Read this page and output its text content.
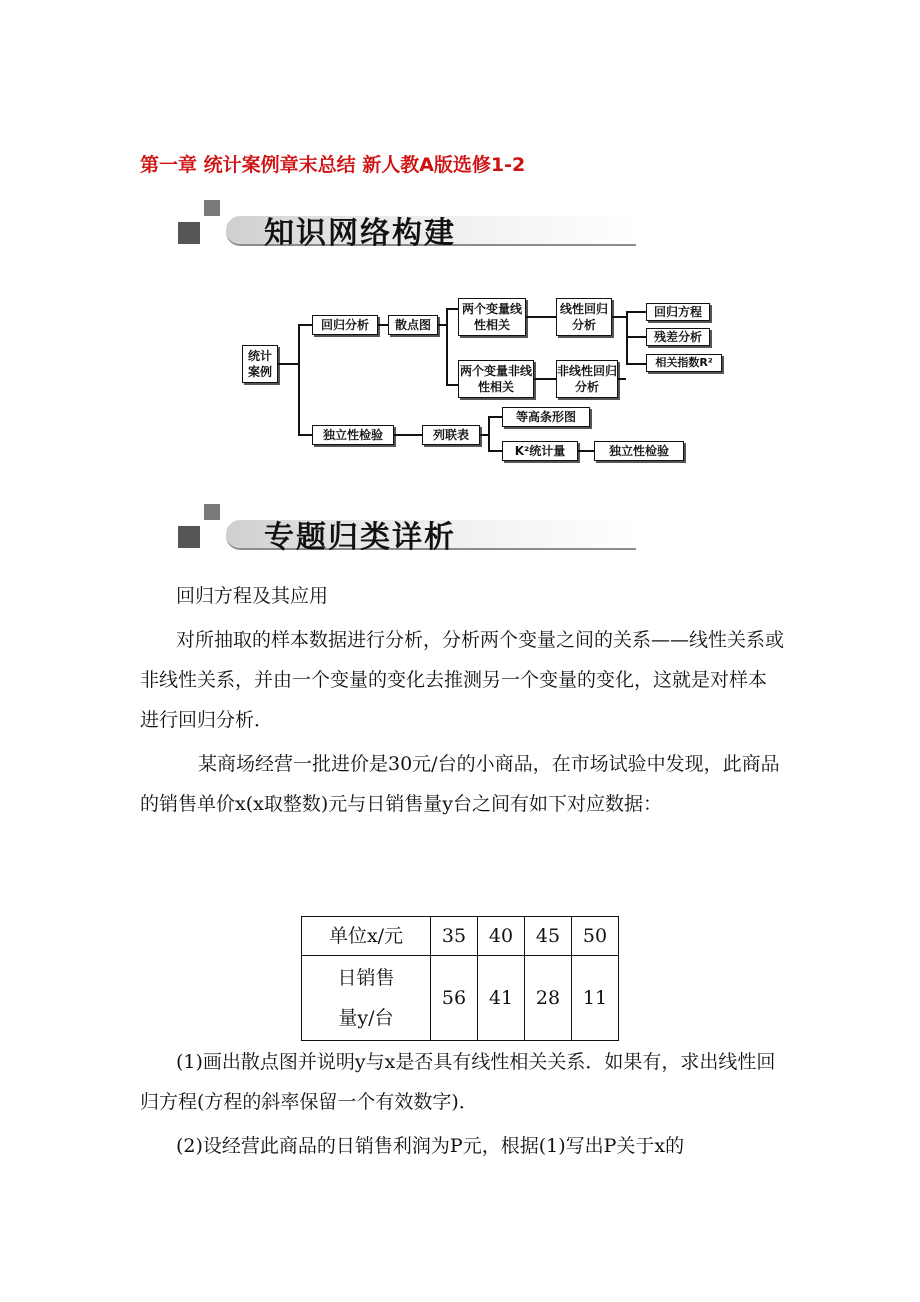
第一章 统计案例章末总结 新人教A版选修1-2
知识网络构建
统计案例
回归分析	散点图
两个变量线性相关
两个变量非线性相关
线性回归分析
非线性回归分析
回归方程
残差分析
相关指数R²
独立性检验	列联表
等高条形图
K²统计量	独立性检验
专题归类详析
回归方程及其应用
对所抽取的样本数据进行分析，分析两个变量之间的关系——线性关系或非线性关系，并由一个变量的变化去推测另一个变量的变化，这就是对样本进行回归分析．
某商场经营一批进价是30元/台的小商品，在市场试验中发现，此商品的销售单价x(x取整数)元与日销售量y台之间有如下对应数据：
单位x/元	35	40	45	50
日销售量y/台	56	41	28	11
(1)画出散点图并说明y与x是否具有线性相关关系．如果有，求出线性回归方程(方程的斜率保留一个有效数字)．
(2)设经营此商品的日销售利润为P元，根据(1)写出P关于x的
